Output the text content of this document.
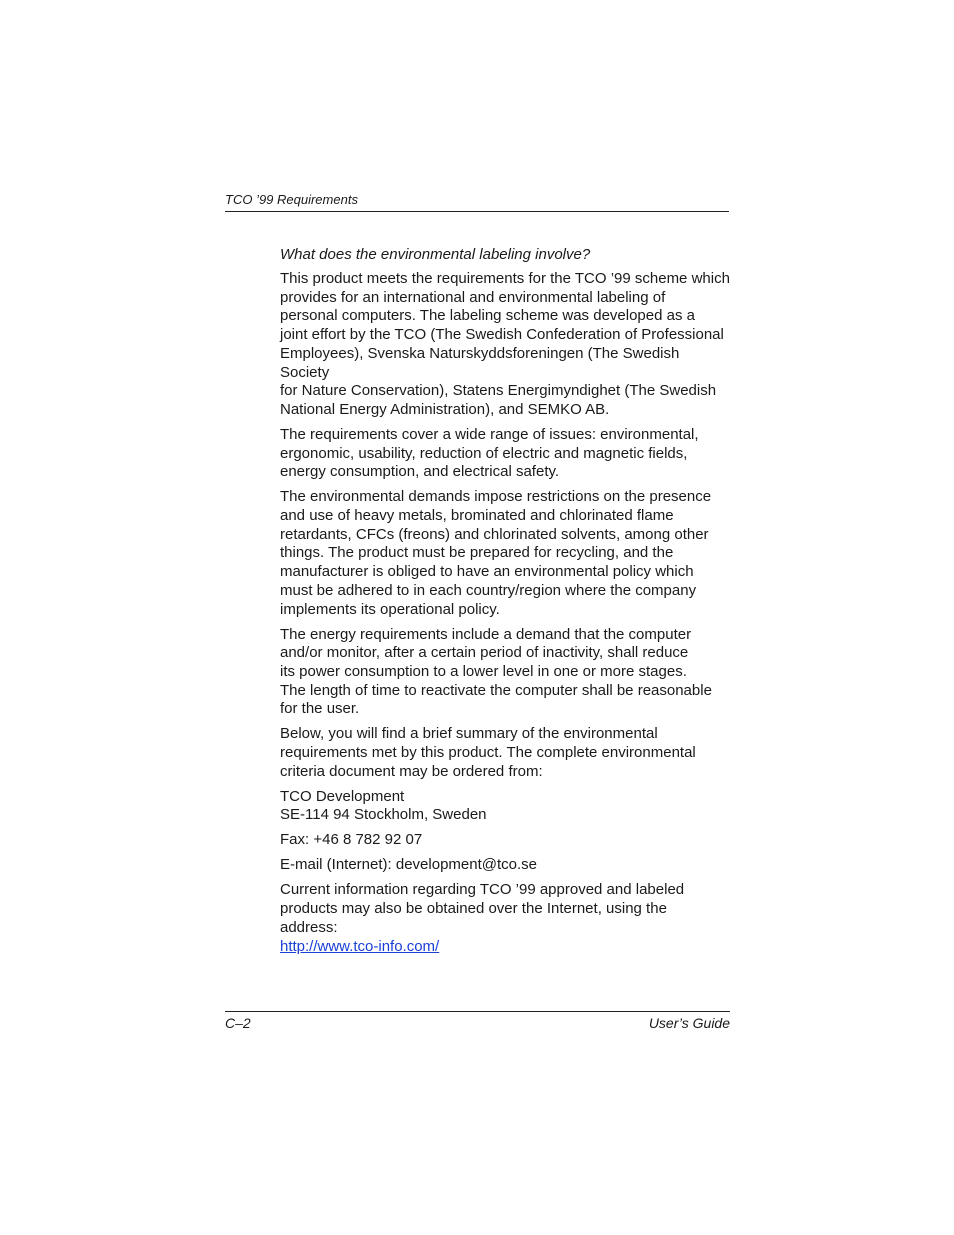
TCO ’99 Requirements
What does the environmental labeling involve?
This product meets the requirements for the TCO ’99 scheme which
provides for an international and environmental labeling of
personal computers. The labeling scheme was developed as a
joint effort by the TCO (The Swedish Confederation of Professional
Employees), Svenska Naturskyddsforeningen (The Swedish Society
for Nature Conservation), Statens Energimyndighet (The Swedish
National Energy Administration), and SEMKO AB.
The requirements cover a wide range of issues: environmental,
ergonomic, usability, reduction of electric and magnetic fields,
energy consumption, and electrical safety.
The environmental demands impose restrictions on the presence
and use of heavy metals, brominated and chlorinated flame
retardants, CFCs (freons) and chlorinated solvents, among other
things. The product must be prepared for recycling, and the
manufacturer is obliged to have an environmental policy which
must be adhered to in each country/region where the company
implements its operational policy.
The energy requirements include a demand that the computer
and/or monitor, after a certain period of inactivity, shall reduce
its power consumption to a lower level in one or more stages.
The length of time to reactivate the computer shall be reasonable
for the user.
Below, you will find a brief summary of the environmental
requirements met by this product. The complete environmental
criteria document may be ordered from:
TCO Development
SE-114 94 Stockholm, Sweden
Fax: +46 8 782 92 07
E-mail (Internet): development@tco.se
Current information regarding TCO ’99 approved and labeled
products may also be obtained over the Internet, using the
address:
http://www.tco-info.com/
C–2	User’s Guide
